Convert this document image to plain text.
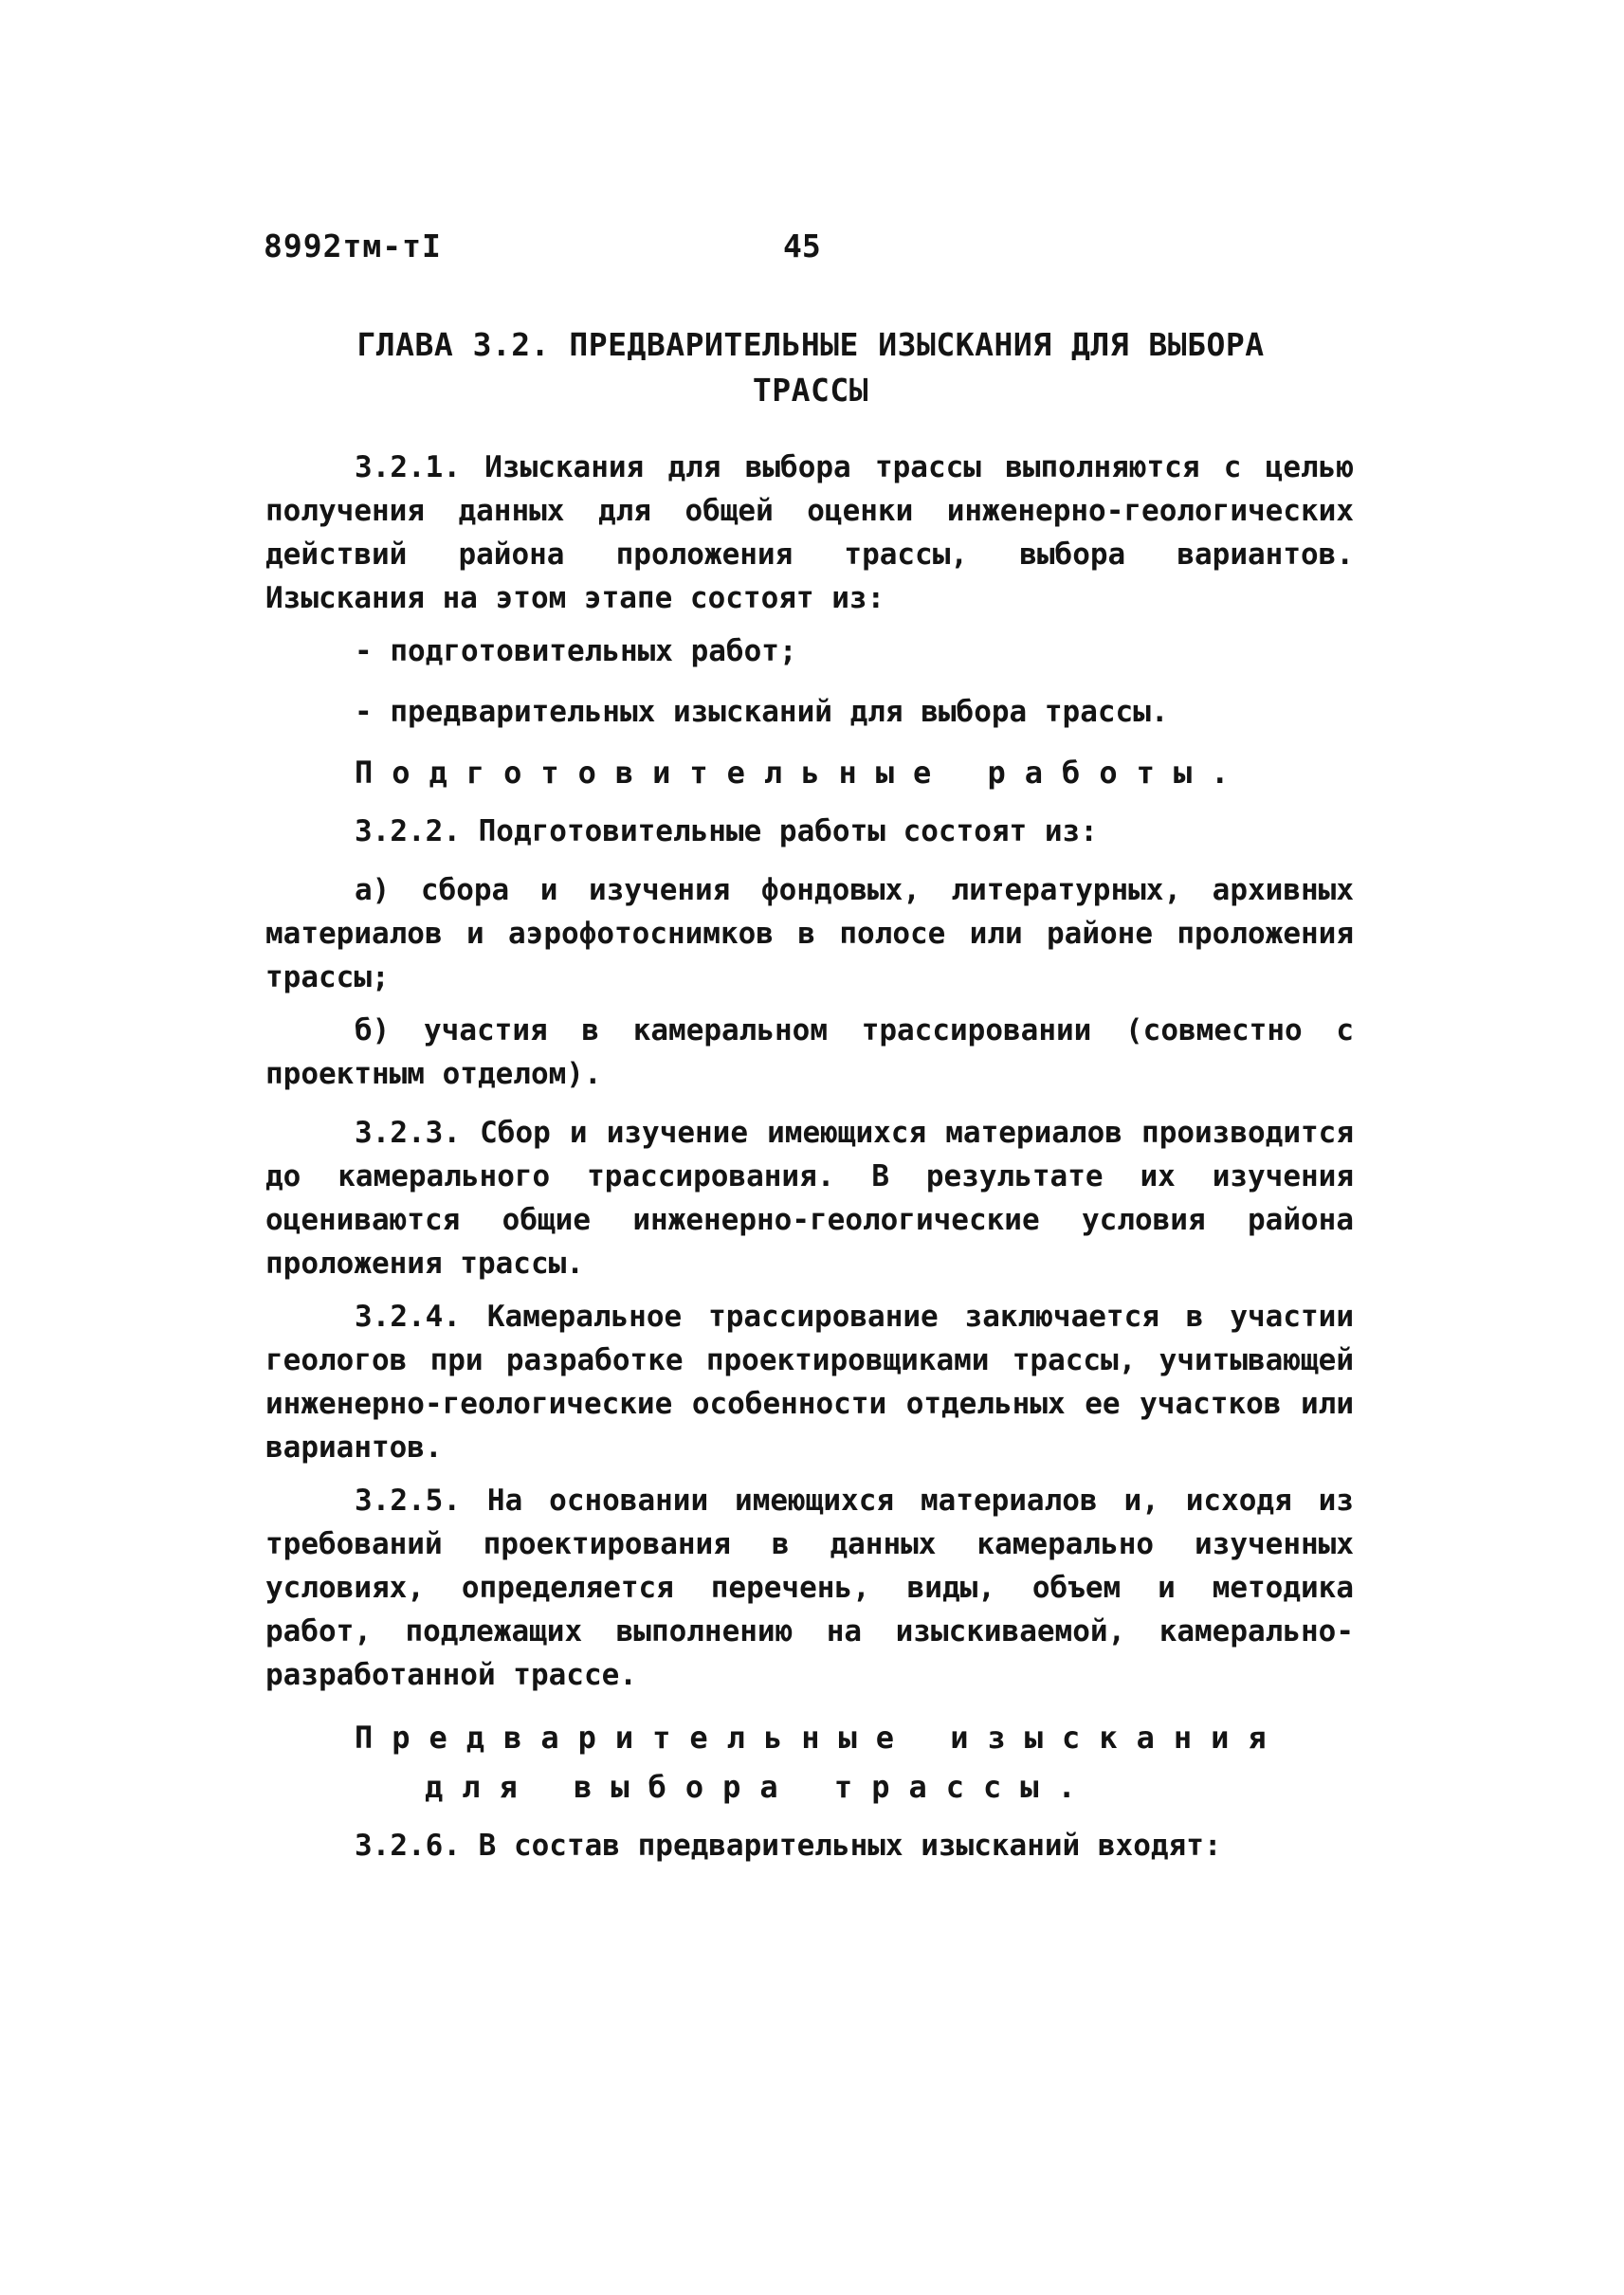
8992тм-тI	45
ГЛАВА 3.2. ПРЕДВАРИТЕЛЬНЫЕ ИЗЫСКАНИЯ ДЛЯ ВЫБОРА
ТРАССЫ
3.2.1. Изыскания для выбора трассы выполняются с целью получения данных для общей оценки инженерно-геологических действий района проложения трассы, выбора вариантов. Изыскания на этом этапе состоят из:
- подготовительных работ;
- предварительных изысканий для выбора трассы.
Подготовительные работы.
3.2.2. Подготовительные работы состоят из:
а) сбора и изучения фондовых, литературных, архивных материалов и аэрофотоснимков в полосе или районе проложения трассы;
б) участия в камеральном трассировании (совместно с проектным отделом).
3.2.3. Сбор и изучение имеющихся материалов производится до камерального трассирования. В результате их изучения оцениваются общие инженерно-геологические условия района проложения трассы.
3.2.4. Камеральное трассирование заключается в участии геологов при разработке проектировщиками трассы, учитывающей инженерно-геологические особенности отдельных ее участков или вариантов.
3.2.5. На основании имеющихся материалов и, исходя из требований проектирования в данных камерально изученных условиях, определяется перечень, виды, объем и методика работ, подлежащих выполнению на изыскиваемой, камерально-разработанной трассе.
Предварительные изыскания
для выбора трассы.
3.2.6. В состав предварительных изысканий входят:
